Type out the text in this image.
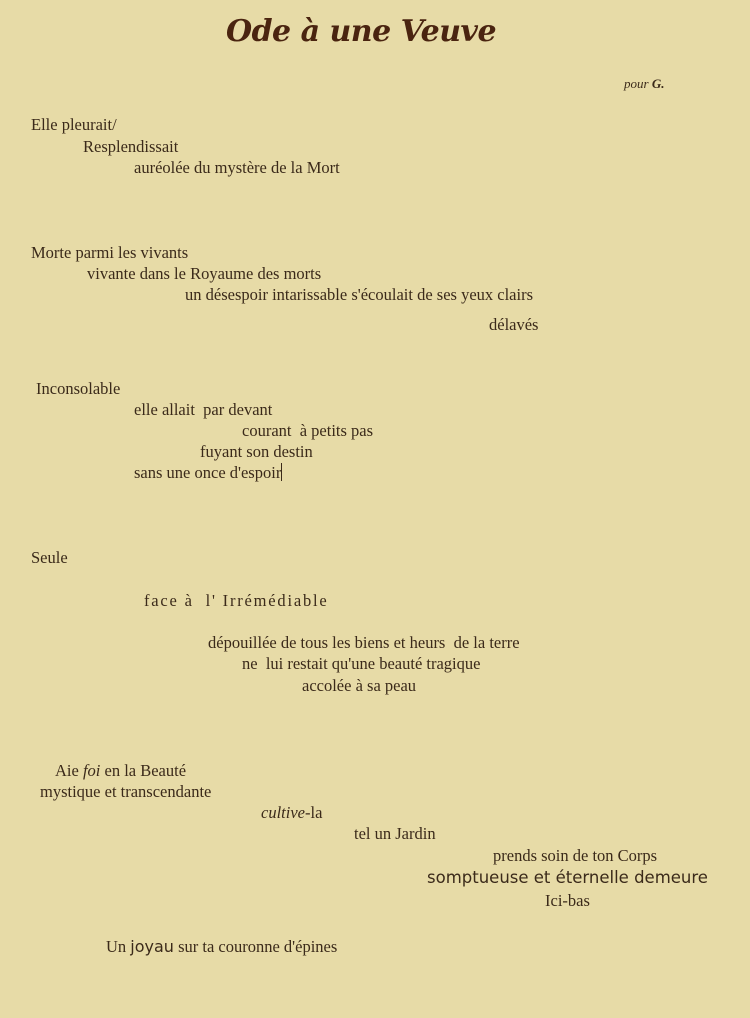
Ode à une Veuve
pour G.
Elle pleurait/
Resplendissait
auréolée du mystère de la Mort
Morte parmi les vivants
vivante dans le Royaume des morts
un désespoir intarissable s'écoulait de ses yeux clairs
délavés
Inconsolable
elle allait  par devant
courant  à petits pas
fuyant son destin
sans une once d'espoir
Seule
face à  l' Irrémédiable
dépouillée de tous les biens et heurs  de la terre
ne  lui restait qu'une beauté tragique
accolée à sa peau
Aie foi en la Beauté
mystique et transcendante
cultive-la
tel un Jardin
prends soin de ton Corps
somptueuse et éternelle demeure
Ici-bas
Un joyau sur ta couronne d'épines
